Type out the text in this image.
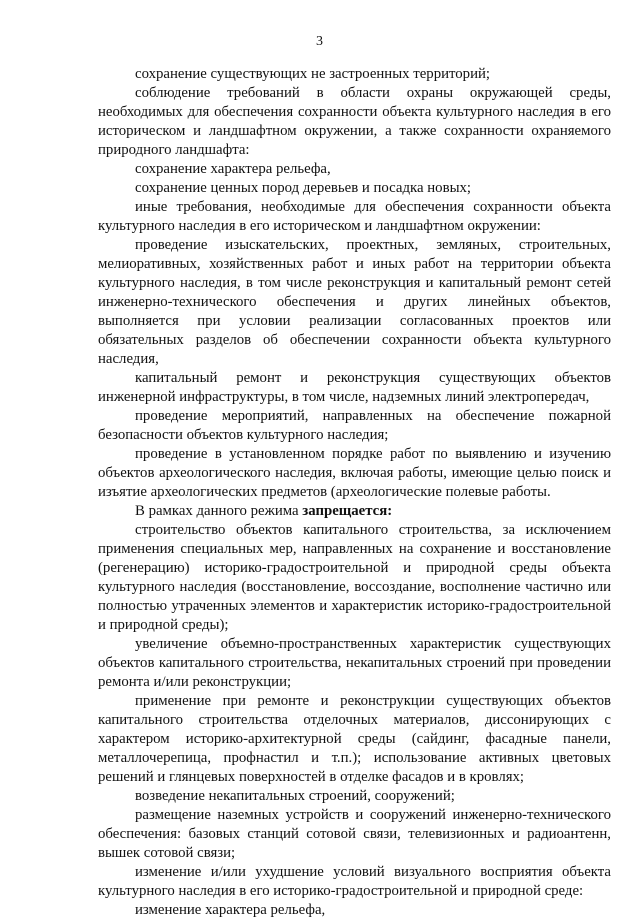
3

сохранение существующих не застроенных территорий;

соблюдение требований в области охраны окружающей среды, необходимых для обеспечения сохранности объекта культурного наследия в его историческом и ландшафтном окружении, а также сохранности охраняемого природного ландшафта:

сохранение характера рельефа,

сохранение ценных пород деревьев и посадка новых;

иные требования, необходимые для обеспечения сохранности объекта культурного наследия в его историческом и ландшафтном окружении:

проведение изыскательских, проектных, земляных, строительных, мелиоративных, хозяйственных работ и иных работ на территории объекта культурного наследия, в том числе реконструкция и капитальный ремонт сетей инженерно-технического обеспечения и других линейных объектов, выполняется при условии реализации согласованных проектов или обязательных разделов об обеспечении сохранности объекта культурного наследия,

капитальный ремонт и реконструкция существующих объектов инженерной инфраструктуры, в том числе, надземных линий электропередач,

проведение мероприятий, направленных на обеспечение пожарной безопасности объектов культурного наследия;

проведение в установленном порядке работ по выявлению и изучению объектов археологического наследия, включая работы, имеющие целью поиск и изъятие археологических предметов (археологические полевые работы.

В рамках данного режима запрещается:

строительство объектов капитального строительства, за исключением применения специальных мер, направленных на сохранение и восстановление (регенерацию) историко-градостроительной и природной среды объекта культурного наследия (восстановление, воссоздание, восполнение частично или полностью утраченных элементов и характеристик историко-градостроительной и природной среды);

увеличение объемно-пространственных характеристик существующих объектов капитального строительства, некапитальных строений при проведении ремонта и/или реконструкции;

применение при ремонте и реконструкции существующих объектов капитального строительства отделочных материалов, диссонирующих с характером историко-архитектурной среды (сайдинг, фасадные панели, металлочерепица, профнастил и т.п.); использование активных цветовых решений и глянцевых поверхностей в отделке фасадов и в кровлях;

возведение некапитальных строений, сооружений;

размещение наземных устройств и сооружений инженерно-технического обеспечения: базовых станций сотовой связи, телевизионных и радиоантенн, вышек сотовой связи;

изменение и/или ухудшение условий визуального восприятия объекта культурного наследия в его историко-градостроительной и природной среде:

изменение характера рельефа,
